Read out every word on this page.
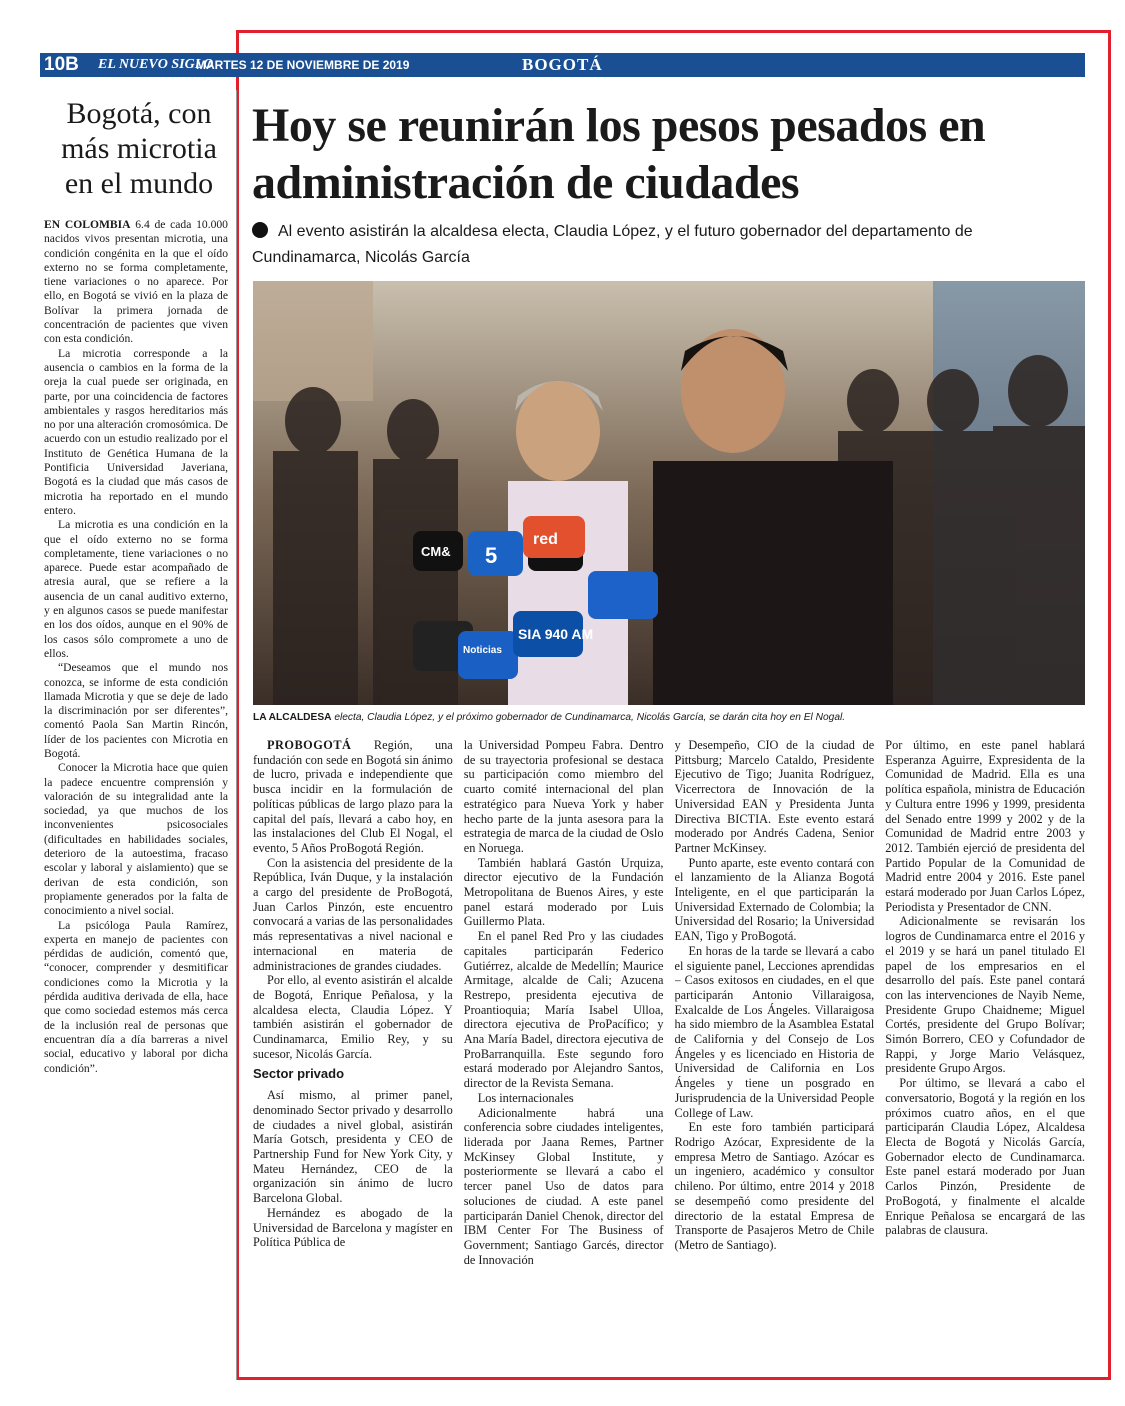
10B EL NUEVO SIGLO
MARTES 12 DE NOVIEMBRE DE 2019	BOGOTÁ
Bogotá, con más microtia en el mundo

EN COLOMBIA 6.4 de cada 10.000 nacidos vivos presentan microtia, una condición congénita en la que el oído externo no se forma completamente, tiene variaciones o no aparece. Por ello, en Bogotá se vivió en la plaza de Bolívar la primera jornada de concentración de pacientes que viven con esta condición.

La microtia corresponde a la ausencia o cambios en la forma de la oreja la cual puede ser originada, en parte, por una coincidencia de factores ambientales y rasgos hereditarios más no por una alteración cromosómica. De acuerdo con un estudio realizado por el Instituto de Genética Humana de la Pontificia Universidad Javeriana, Bogotá es la ciudad que más casos de microtia ha reportado en el mundo entero.

La microtia es una condición en la que el oído externo no se forma completamente, tiene variaciones o no aparece. Puede estar acompañado de atresia aural, que se refiere a la ausencia de un canal auditivo externo, y en algunos casos se puede manifestar en los dos oídos, aunque en el 90% de los casos sólo compromete a uno de ellos.

“Deseamos que el mundo nos conozca, se informe de esta condición llamada Microtia y que se deje de lado la discriminación por ser diferentes”, comentó Paola San Martin Rincón, líder de los pacientes con Microtia en Bogotá.

Conocer la Microtia hace que quien la padece encuentre comprensión y valoración de su integralidad ante la sociedad, ya que muchos de los inconvenientes psicosociales (dificultades en habilidades sociales, deterioro de la autoestima, fracaso escolar y laboral y aislamiento) que se derivan de esta condición, son propiamente generados por la falta de conocimiento a nivel social.

La psicóloga Paula Ramírez, experta en manejo de pacientes con pérdidas de audición, comentó que, “conocer, comprender y desmitificar condiciones como la Microtia y la pérdida auditiva derivada de ella, hace que como sociedad estemos más cerca de la inclusión real de personas que encuentran día a día barreras a nivel social, educativo y laboral por dicha condición”.

Hoy se reunirán los pesos pesados en administración de ciudades
Al evento asistirán la alcaldesa electa, Claudia López, y el futuro gobernador del departamento de Cundinamarca, Nicolás García
CM& 5
red
SIA 940 AM
Noticias
LA ALCALDESA electa, Claudia López, y el próximo gobernador de Cundinamarca, Nicolás García, se darán cita hoy en El Nogal.

PROBOGOTÁ Región, una fundación con sede en Bogotá sin ánimo de lucro, privada e independiente que busca incidir en la formulación de políticas públicas de largo plazo para la capital del país, llevará a cabo hoy, en las instalaciones del Club El Nogal, el evento, 5 Años ProBogotá Región.

Con la asistencia del presidente de la República, Iván Duque, y la instalación a cargo del presidente de ProBogotá, Juan Carlos Pinzón, este encuentro convocará a varias de las personalidades más representativas a nivel nacional e internacional en materia de administraciones de grandes ciudades.

Por ello, al evento asistirán el alcalde de Bogotá, Enrique Peñalosa, y la alcaldesa electa, Claudia López. Y también asistirán el gobernador de Cundinamarca, Emilio Rey, y su sucesor, Nicolás García.

Sector privado

Así mismo, al primer panel, denominado Sector privado y desarrollo de ciudades a nivel global, asistirán María Gotsch, presidenta y CEO de Partnership Fund for New York City, y Mateu Hernández, CEO de la organización sin ánimo de lucro Barcelona Global.

Hernández es abogado de la Universidad de Barcelona y magíster en Política Pública de

la Universidad Pompeu Fabra. Dentro de su trayectoria profesional se destaca su participación como miembro del cuarto comité internacional del plan estratégico para Nueva York y haber hecho parte de la junta asesora para la estrategia de marca de la ciudad de Oslo en Noruega.

También hablará Gastón Urquiza, director ejecutivo de la Fundación Metropolitana de Buenos Aires, y este panel estará moderado por Luis Guillermo Plata.

En el panel Red Pro y las ciudades capitales participarán Federico Gutiérrez, alcalde de Medellín; Maurice Armitage, alcalde de Cali; Azucena Restrepo, presidenta ejecutiva de Proantioquia; María Isabel Ulloa, directora ejecutiva de ProPacífico; y Ana María Badel, directora ejecutiva de ProBarranquilla. Este segundo foro estará moderado por Alejandro Santos, director de la Revista Semana.

Los internacionales

Adicionalmente habrá una conferencia sobre ciudades inteligentes, liderada por Jaana Remes, Partner McKinsey Global Institute, y posteriormente se llevará a cabo el tercer panel Uso de datos para soluciones de ciudad. A este panel participarán Daniel Chenok, director del IBM Center For The Business of Government; Santiago Garcés, director de Innovación

y Desempeño, CIO de la ciudad de Pittsburg; Marcelo Cataldo, Presidente Ejecutivo de Tigo; Juanita Rodríguez, Vicerrectora de Innovación de la Universidad EAN y Presidenta Junta Directiva BICTIA. Este evento estará moderado por Andrés Cadena, Senior Partner McKinsey.

Punto aparte, este evento contará con el lanzamiento de la Alianza Bogotá Inteligente, en el que participarán la Universidad Externado de Colombia; la Universidad del Rosario; la Universidad EAN, Tigo y ProBogotá.

En horas de la tarde se llevará a cabo el siguiente panel, Lecciones aprendidas – Casos exitosos en ciudades, en el que participarán Antonio Villaraigosa, Exalcalde de Los Ángeles. Villaraigosa ha sido miembro de la Asamblea Estatal de California y del Consejo de Los Ángeles y es licenciado en Historia de Universidad de California en Los Ángeles y tiene un posgrado en Jurisprudencia de la Universidad People College of Law.

En este foro también participará Rodrigo Azócar, Expresidente de la empresa Metro de Santiago. Azócar es un ingeniero, académico y consultor chileno. Por último, entre 2014 y 2018 se desempeñó como presidente del directorio de la estatal Empresa de Transporte de Pasajeros Metro de Chile (Metro de Santiago).

Por último, en este panel hablará Esperanza Aguirre, Expresidenta de la Comunidad de Madrid. Ella es una política española, ministra de Educación y Cultura entre 1996 y 1999, presidenta del Senado entre 1999 y 2002 y de la Comunidad de Madrid entre 2003 y 2012. También ejerció de presidenta del Partido Popular de la Comunidad de Madrid entre 2004 y 2016. Este panel estará moderado por Juan Carlos López, Periodista y Presentador de CNN.

Adicionalmente se revisarán los logros de Cundinamarca entre el 2016 y el 2019 y se hará un panel titulado El papel de los empresarios en el desarrollo del país. Este panel contará con las intervenciones de Nayib Neme, Presidente Grupo Chaidneme; Miguel Cortés, presidente del Grupo Bolívar; Simón Borrero, CEO y Cofundador de Rappi, y Jorge Mario Velásquez, presidente Grupo Argos.

Por último, se llevará a cabo el conversatorio, Bogotá y la región en los próximos cuatro años, en el que participarán Claudia López, Alcaldesa Electa de Bogotá y Nicolás García, Gobernador electo de Cundinamarca. Este panel estará moderado por Juan Carlos Pinzón, Presidente de ProBogotá, y finalmente el alcalde Enrique Peñalosa se encargará de las palabras de clausura.
